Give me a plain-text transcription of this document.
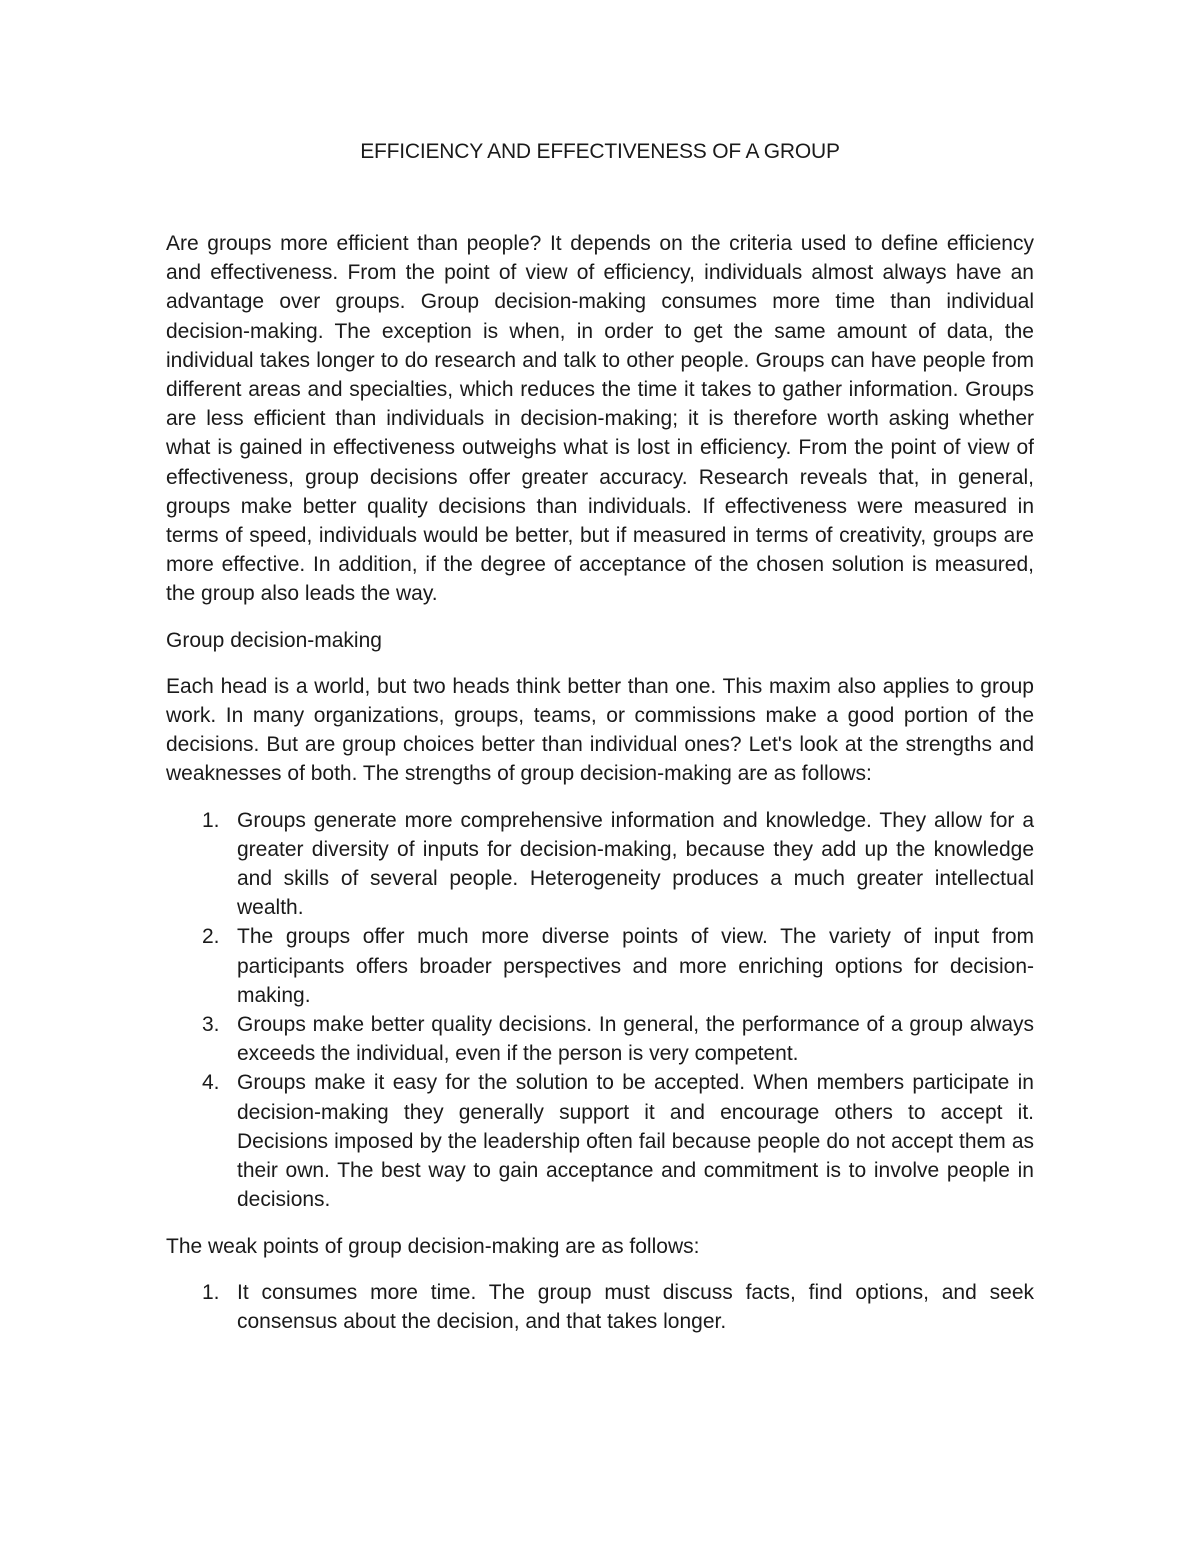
EFFICIENCY AND EFFECTIVENESS OF A GROUP

Are groups more efficient than people? It depends on the criteria used to define efficiency and effectiveness. From the point of view of efficiency, individuals almost always have an advantage over groups. Group decision-making consumes more time than individual decision-making. The exception is when, in order to get the same amount of data, the individual takes longer to do research and talk to other people. Groups can have people from different areas and specialties, which reduces the time it takes to gather information. Groups are less efficient than individuals in decision-making; it is therefore worth asking whether what is gained in effectiveness outweighs what is lost in efficiency. From the point of view of effectiveness, group decisions offer greater accuracy. Research reveals that, in general, groups make better quality decisions than individuals. If effectiveness were measured in terms of speed, individuals would be better, but if measured in terms of creativity, groups are more effective. In addition, if the degree of acceptance of the chosen solution is measured, the group also leads the way.

Group decision-making

Each head is a world, but two heads think better than one. This maxim also applies to group work. In many organizations, groups, teams, or commissions make a good portion of the decisions. But are group choices better than individual ones? Let's look at the strengths and weaknesses of both. The strengths of group decision-making are as follows:

1. Groups generate more comprehensive information and knowledge. They allow for a greater diversity of inputs for decision-making, because they add up the knowledge and skills of several people. Heterogeneity produces a much greater intellectual wealth.
2. The groups offer much more diverse points of view. The variety of input from participants offers broader perspectives and more enriching options for decision-making.
3. Groups make better quality decisions. In general, the performance of a group always exceeds the individual, even if the person is very competent.
4. Groups make it easy for the solution to be accepted. When members participate in decision-making they generally support it and encourage others to accept it. Decisions imposed by the leadership often fail because people do not accept them as their own. The best way to gain acceptance and commitment is to involve people in decisions.

The weak points of group decision-making are as follows:

1. It consumes more time. The group must discuss facts, find options, and seek consensus about the decision, and that takes longer.
